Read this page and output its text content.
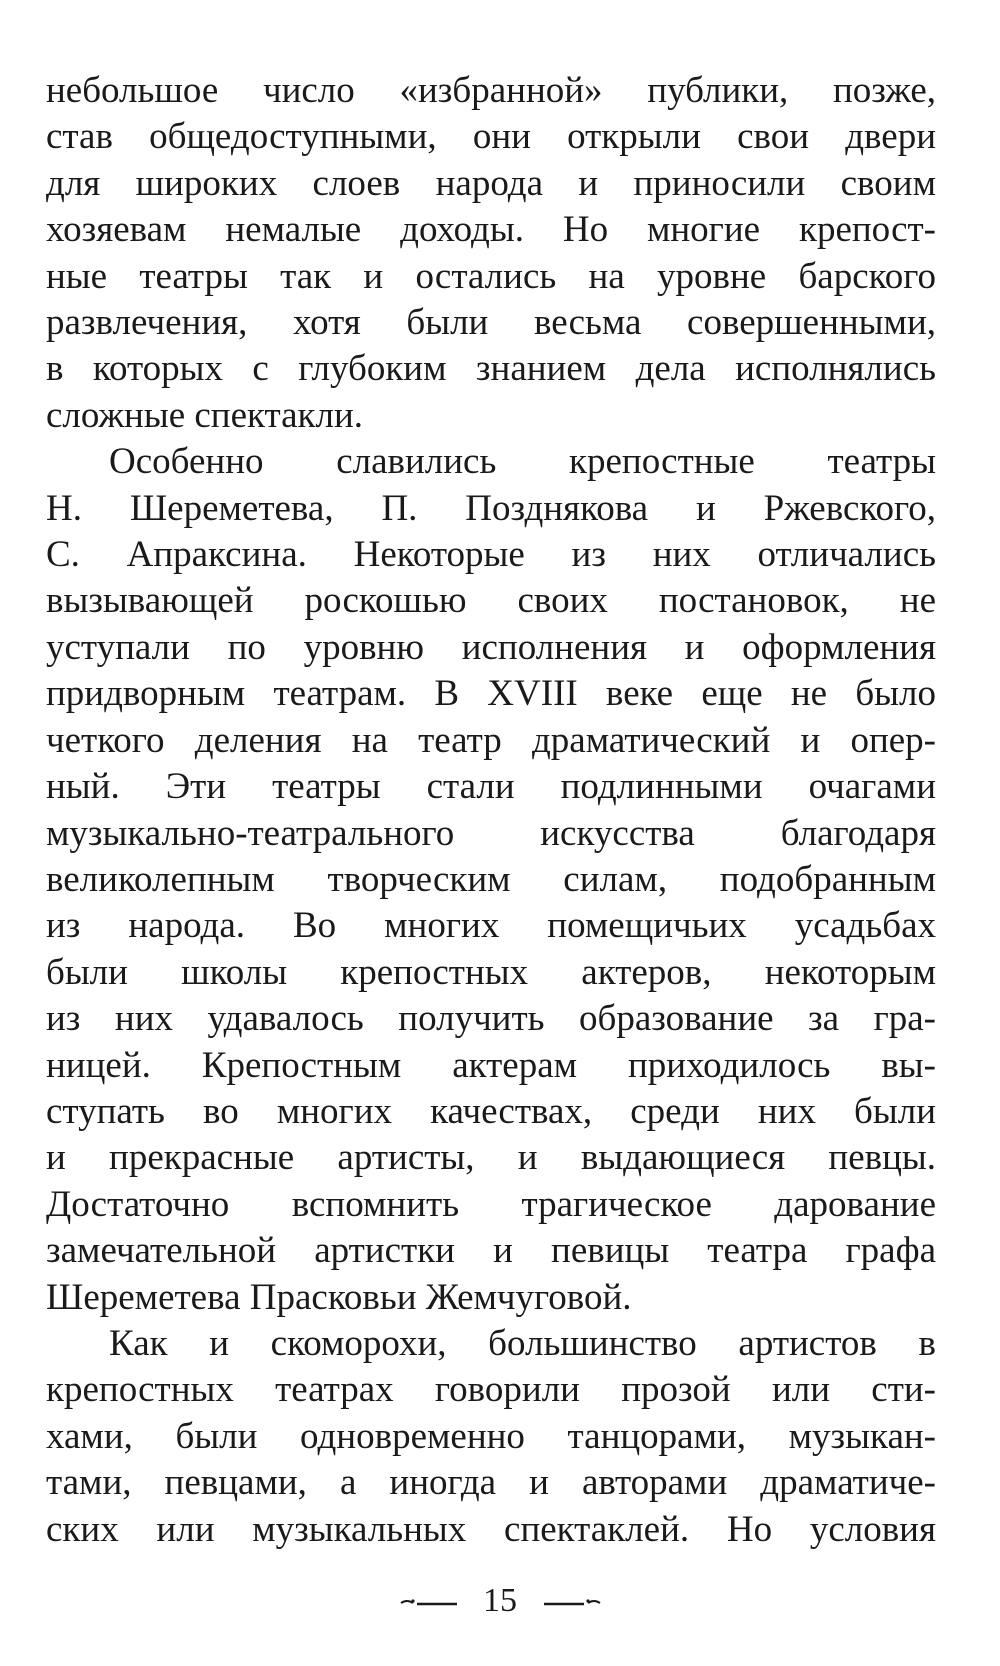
небольшое число «избранной» публики, позже,
став общедоступными, они открыли свои двери
для широких слоев народа и приносили своим
хозяевам немалые доходы. Но многие крепост-
ные театры так и остались на уровне барского
развлечения, хотя были весьма совершенными,
в которых с глубоким знанием дела исполнялись
сложные спектакли.
Особенно славились крепостные театры
Н. Шереметева, П. Позднякова и Ржевского,
С. Апраксина. Некоторые из них отличались
вызывающей роскошью своих постановок, не
уступали по уровню исполнения и оформления
придворным театрам. В XVIII веке еще не было
четкого деления на театр драматический и опер-
ный. Эти театры стали подлинными очагами
музыкально-театрального искусства благодаря
великолепным творческим силам, подобранным
из народа. Во многих помещичьих усадьбах
были школы крепостных актеров, некоторым
из них удавалось получить образование за гра-
ницей. Крепостным актерам приходилось вы-
ступать во многих качествах, среди них были
и прекрасные артисты, и выдающиеся певцы.
Достаточно вспомнить трагическое дарование
замечательной артистки и певицы театра графа
Шереметева Прасковьи Жемчуговой.
Как и скоморохи, большинство артистов в
крепостных театрах говорили прозой или сти-
хами, были одновременно танцорами, музыкан-
тами, певцами, а иногда и авторами драматиче-
ских или музыкальных спектаклей. Но условия
15
